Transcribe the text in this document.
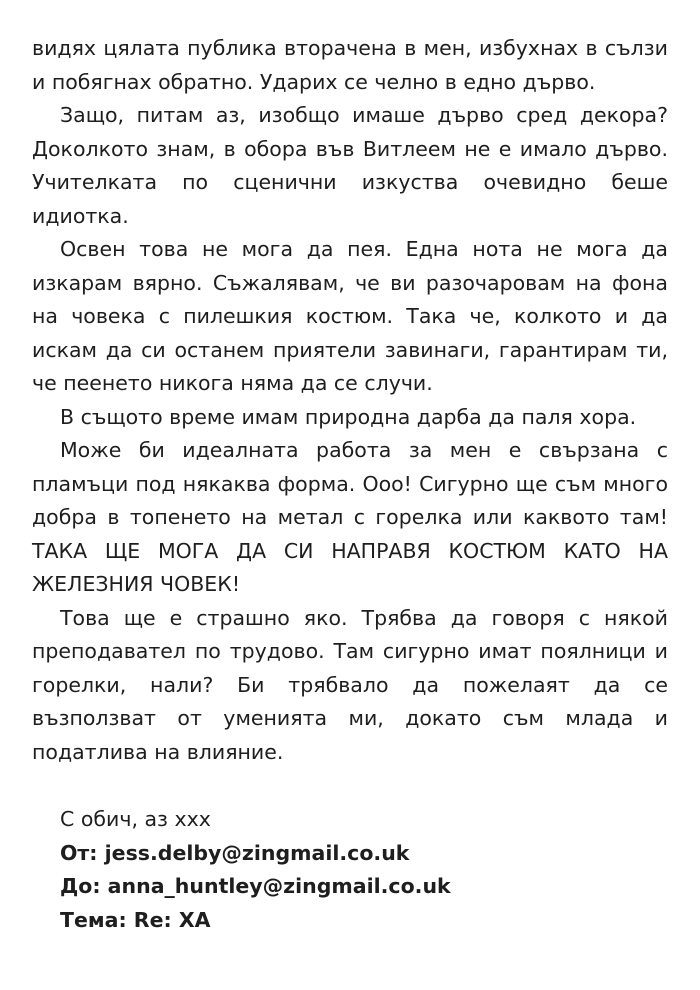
видях цялата публика вторачена в мен, избухнах в сълзи и побягнах обратно. Ударих се челно в едно дърво.

Защо, питам аз, изобщо имаше дърво сред декора? Доколкото знам, в обора във Витлеем не е имало дърво. Учителката по сценични изкуства очевидно беше идиотка.

Освен това не мога да пея. Една нота не мога да изкарам вярно. Съжалявам, че ви разочаровам на фона на човека с пилешкия костюм. Така че, колкото и да искам да си останем приятели завинаги, гарантирам ти, че пеенето никога няма да се случи.

В същото време имам природна дарба да паля хора.

Може би идеалната работа за мен е свързана с пламъци под някаква форма. Ооо! Сигурно ще съм много добра в топенето на метал с горелка или каквото там! ТАКА ЩЕ МОГА ДА СИ НАПРАВЯ КОСТЮМ КАТО НА ЖЕЛЕЗНИЯ ЧОВЕК!

Това ще е страшно яко. Трябва да говоря с някой преподавател по трудово. Там сигурно имат поялници и горелки, нали? Би трябвало да пожелаят да се възползват от уменията ми, докато съм млада и податлива на влияние.

С обич, аз ххх

От: jess.delby@zingmail.co.uk

До: anna_huntley@zingmail.co.uk

Тема: Re: ХА
